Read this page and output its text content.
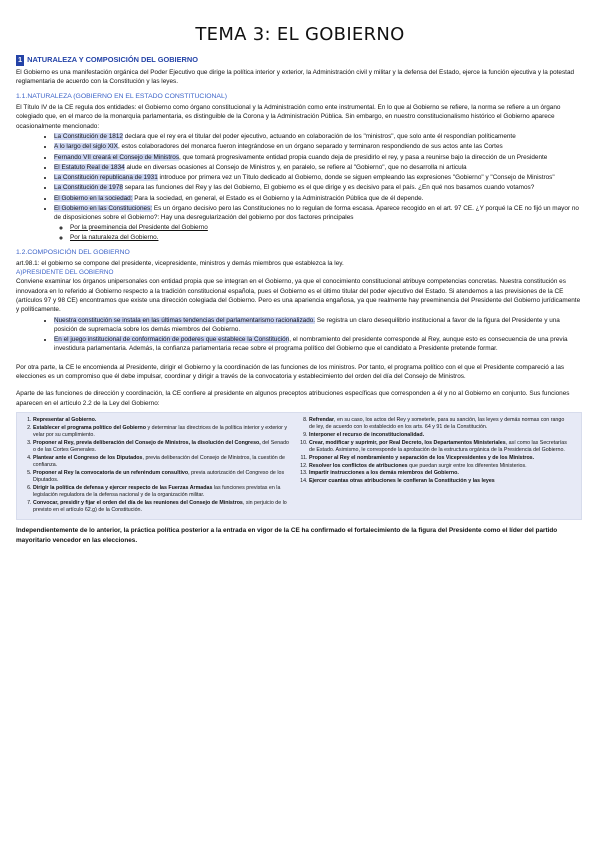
TEMA 3: EL GOBIERNO
1 NATURALEZA Y COMPOSICIÓN DEL GOBIERNO

El Gobierno es una manifestación orgánica del Poder Ejecutivo que dirige la política interior y exterior, la Administración civil y militar y la defensa del Estado, ejerce la función ejecutiva y la potestad reglamentaria de acuerdo con la Constitución y las leyes.

1.1.NATURALEZA (GOBIERNO EN EL ESTADO CONSTITUCIONAL)

El Título IV de la CE regula dos entidades: el Gobierno como órgano constitucional y la Administración como ente instrumental. En lo que al Gobierno se refiere, la norma se refiere a un órgano colegiado que, en el marco de la monarquía parlamentaria, es distinguible de la Corona y la Administración Pública. Sin embargo, en nuestro constitucionalismo histórico el Gobierno aparece ocasionalmente mencionado:

• La Constitución de 1812 declara que el rey era el titular del poder ejecutivo, actuando en colaboración de los "ministros", que solo ante él respondían políticamente
• A lo largo del siglo XIX, estos colaboradores del monarca fueron integrándose en un órgano separado y terminaron respondiendo de sus actos ante las Cortes
• Fernando VII creará el Consejo de Ministros, que tomará progresivamente entidad propia cuando deja de presidirlo el rey, y pasa a reunirse bajo la dirección de un Presidente
• El Estatuto Real de 1834 alude en diversas ocasiones al Consejo de Ministros y, en paralelo, se refiere al "Gobierno", que no desarrolla ni articula
• La Constitución republicana de 1931 introduce por primera vez un Título dedicado al Gobierno, donde se siguen empleando las expresiones "Gobierno" y "Consejo de Ministros"
• La Constitución de 1978 separa las funciones del Rey y las del Gobierno, El gobierno es el que dirige y es decisivo para el país. ¿En qué nos basamos cuando votamos?
• El Gobierno en la sociedad: Para la sociedad, en general, el Estado es el Gobierno y la Administración Pública que de él depende.
• El Gobierno en las Constituciones: Es un órgano decisivo pero las Constituciones no lo regulan de forma escasa. Aparece recogido en el art. 97 CE. ¿Y porqué la CE no fijó un mayor no de disposiciones sobre el Gobierno?: Hay una desregularización del gobierno por dos factores principales
◦ Por la preeminencia del Presidente del Gobierno
◦ Por la naturaleza del Gobierno.
1.2.COMPOSICIÓN DEL GOBIERNO

art.98.1: el gobierno se compone del presidente, vicepresidente, ministros y demás miembros que establezca la ley.

A)PRESIDENTE DEL GOBIERNO

Conviene examinar los órganos unipersonales con entidad propia que se integran en el Gobierno, ya que el conocimiento constitucional atribuye competencias concretas. Nuestra constitución es innovadora en lo referido al Gobierno respecto a la tradición constitucional española, pues el Gobierno es el último titular del poder ejecutivo del Estado. Si atendemos a las previsiones de la CE (artículos 97 y 98 CE) encontramos que existe una dirección colegiada del Gobierno. Pero es una apariencia engañosa, ya que realmente hay preeminencia del Presidente del Gobierno jurídicamente y políticamente.

• Nuestra constitución se instala en las últimas tendencias del parlamentarismo racionalizado. Se registra un claro desequilibrio institucional a favor de la figura del Presidente y una posición de supremacía sobre los demás miembros del Gobierno.
• En el juego institucional de conformación de poderes que establece la Constitución, el nombramiento del presidente corresponde al Rey, aunque esto es consecuencia de una previa investidura parlamentaria. Además, la confianza parlamentaria recae sobre el programa político del Gobierno que el candidato a Presidente pretende formar.

Por otra parte, la CE le encomienda al Presidente, dirigir el Gobierno y la coordinación de las funciones de los ministros. Por tanto, el programa político con el que el Presidente compareció a las elecciones es un compromiso que él debe impulsar, coordinar y dirigir a través de la convocatoria y establecimiento del orden del día del Consejo de Ministros.

Aparte de las funciones de dirección y coordinación, la CE confiere al presidente en algunos preceptos atribuciones específicas que corresponden a él y no al Gobierno en conjunto. Sus funciones aparecen en el artículo 2.2 de la Ley del Gobierno:

1. Representar al Gobierno.
2. Establecer el programa político del Gobierno y determinar las directrices de la política interior y exterior y velar por su cumplimiento.
3. Proponer al Rey, previa deliberación del Consejo de Ministros, la disolución del Congreso, del Senado o de las Cortes Generales.
4. Plantear ante el Congreso de los Diputados, previa deliberación del Consejo de Ministros, la cuestión de confianza.
5. Proponer al Rey la convocatoria de un referéndum consultivo, previa autorización del Congreso de los Diputados.
6. Dirigir la política de defensa y ejercer respecto de las Fuerzas Armadas las funciones previstas en la legislación reguladora de la defensa nacional y de la organización militar.
7. Convocar, presidir y fijar el orden del día de las reuniones del Consejo de Ministros, sin perjuicio de lo previsto en el artículo 62.g) de la Constitución.
8. Refrendar, en su caso, los actos del Rey y someterle, para su sanción, las leyes y demás normas con rango de ley, de acuerdo con lo establecido en los arts. 64 y 91 de la Constitución.
9. Interponer el recurso de inconstitucionalidad.
10. Crear, modificar y suprimir, por Real Decreto, los Departamentos Ministeriales, así como las Secretarías de Estado. Asimismo, le corresponde la aprobación de la estructura orgánica de la Presidencia del Gobierno.
11. Proponer al Rey el nombramiento y separación de los Vicepresidentes y de los Ministros.
12. Resolver los conflictos de atribuciones que puedan surgir entre los diferentes Ministerios.
13. Impartir instrucciones a los demás miembros del Gobierno.
14. Ejercer cuantas otras atribuciones le confieran la Constitución y las leyes

Independientemente de lo anterior, la práctica política posterior a la entrada en vigor de la CE ha confirmado el fortalecimiento de la figura del Presidente como el líder del partido mayoritario vencedor en las elecciones.
